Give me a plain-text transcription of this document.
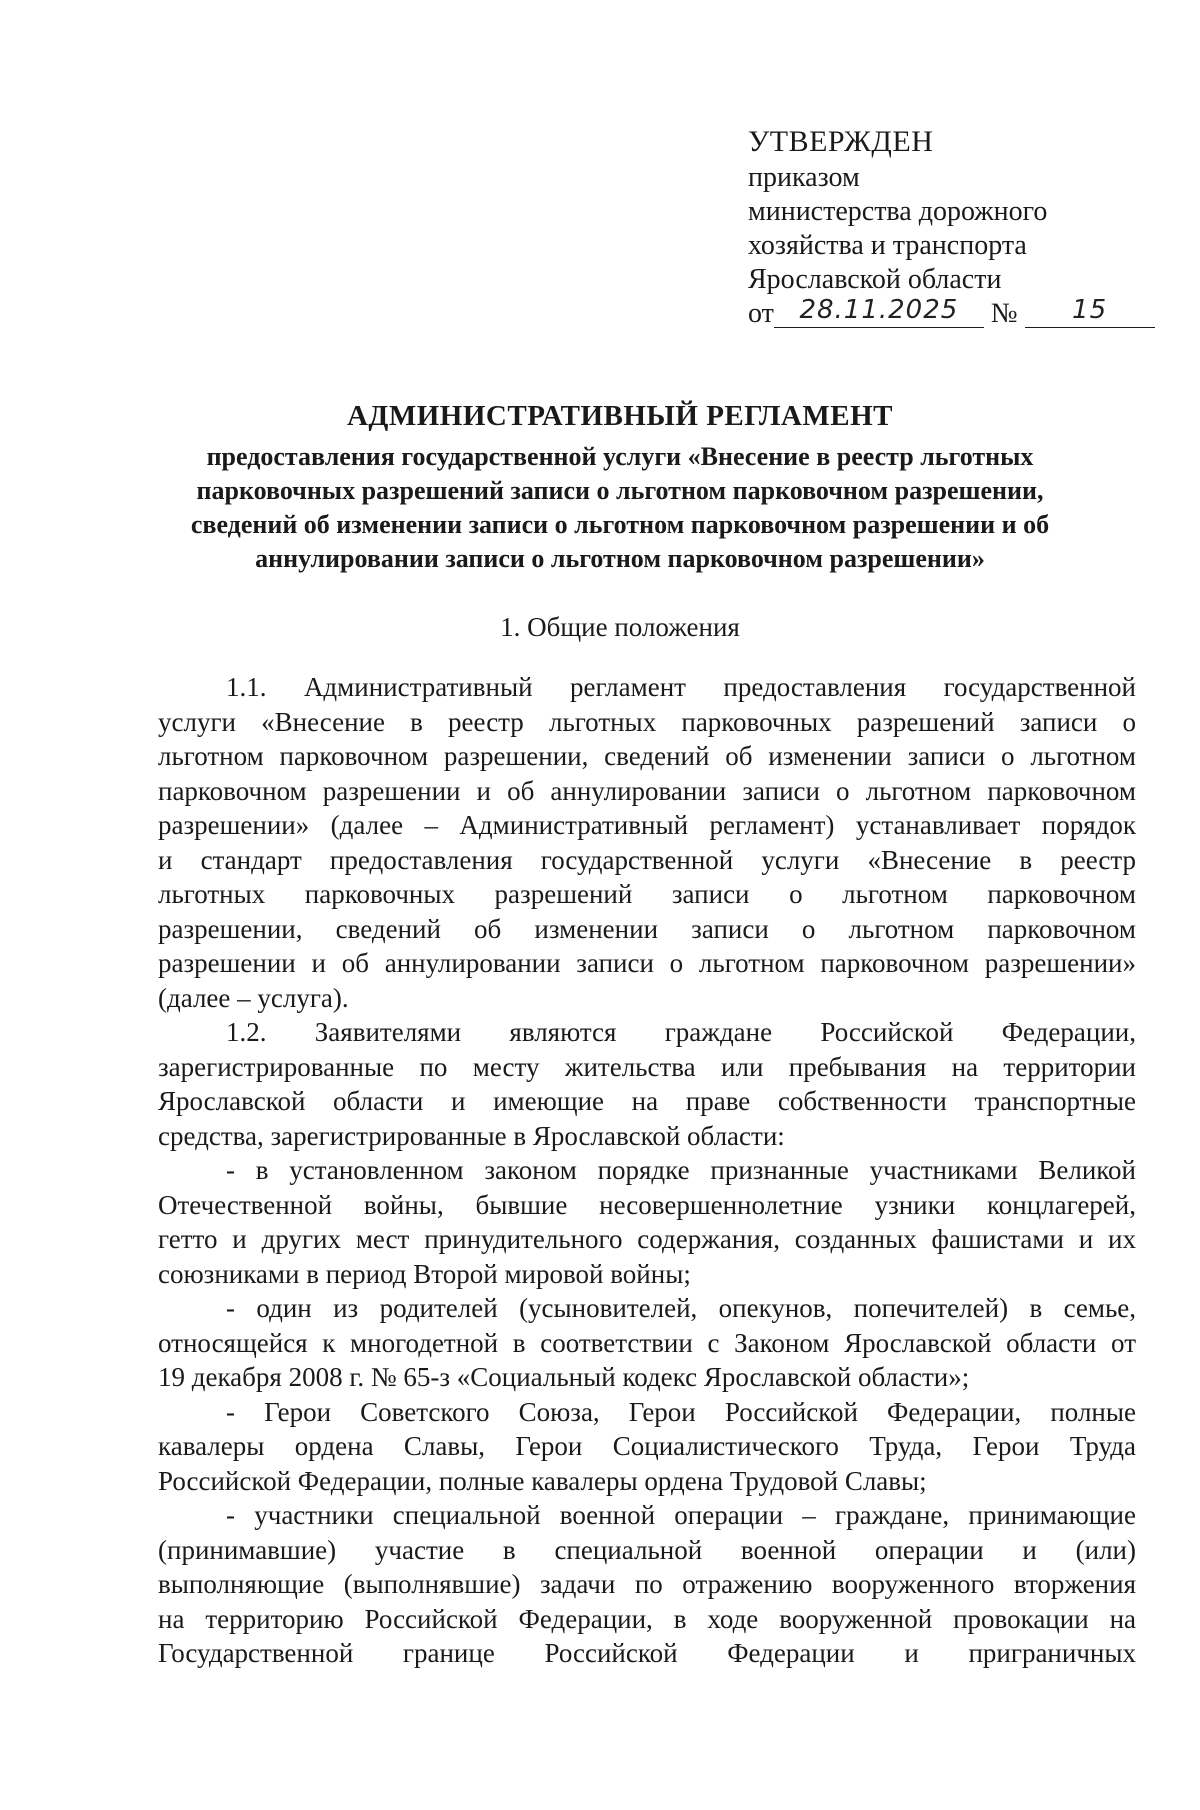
УТВЕРЖДЕН
приказом
министерства дорожного
хозяйства и транспорта
Ярославской области
от 28.11.2025 № 15
АДМИНИСТРАТИВНЫЙ РЕГЛАМЕНТ
предоставления государственной услуги «Внесение в реестр льготных
парковочных разрешений записи о льготном парковочном разрешении,
сведений об изменении записи о льготном парковочном разрешении и об
аннулировании записи о льготном парковочном разрешении»
1. Общие положения

1.1. Административный регламент предоставления государственной

услуги «Внесение в реестр льготных парковочных разрешений записи о

льготном парковочном разрешении, сведений об изменении записи о льготном

парковочном разрешении и об аннулировании записи о льготном парковочном

разрешении» (далее – Административный регламент) устанавливает порядок

и стандарт предоставления государственной услуги «Внесение в реестр

льготных парковочных разрешений записи о льготном парковочном

разрешении, сведений об изменении записи о льготном парковочном

разрешении и об аннулировании записи о льготном парковочном разрешении»

(далее – услуга).

1.2. Заявителями являются граждане Российской Федерации,

зарегистрированные по месту жительства или пребывания на территории

Ярославской области и имеющие на праве собственности транспортные

средства, зарегистрированные в Ярославской области:

- в установленном законом порядке признанные участниками Великой

Отечественной войны, бывшие несовершеннолетние узники концлагерей,

гетто и других мест принудительного содержания, созданных фашистами и их

союзниками в период Второй мировой войны;

- один из родителей (усыновителей, опекунов, попечителей) в семье,

относящейся к многодетной в соответствии с Законом Ярославской области от

19 декабря 2008 г. № 65-з «Социальный кодекс Ярославской области»;

- Герои Советского Союза, Герои Российской Федерации, полные

кавалеры ордена Славы, Герои Социалистического Труда, Герои Труда

Российской Федерации, полные кавалеры ордена Трудовой Славы;

- участники специальной военной операции – граждане, принимающие

(принимавшие) участие в специальной военной операции и (или)

выполняющие (выполнявшие) задачи по отражению вооруженного вторжения

на территорию Российской Федерации, в ходе вооруженной провокации на

Государственной границе Российской Федерации и приграничных
